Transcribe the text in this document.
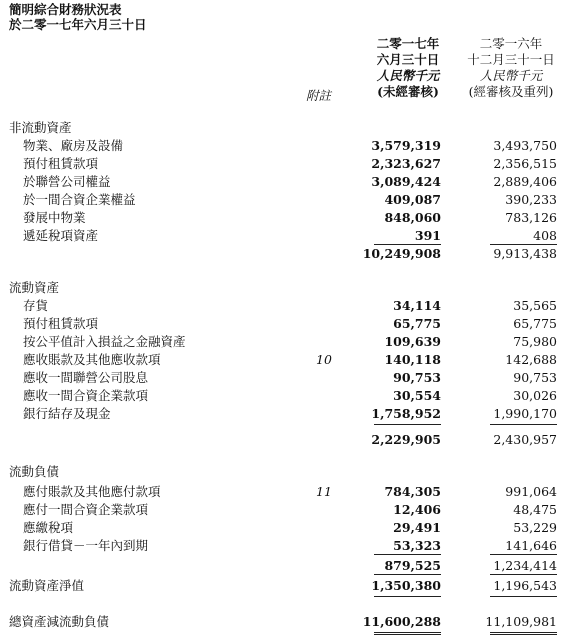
簡明綜合財務狀況表
於二零一七年六月三十日
二零一七年
六月三十日
人民幣千元
(未經審核)
二零一六年
十二月三十一日
人民幣千元
(經審核及重列)
附註
非流動資產
物業、廠房及設備	3,579,319	3,493,750
預付租賃款項	2,323,627	2,356,515
於聯營公司權益	3,089,424	2,889,406
於一間合資企業權益	409,087	390,233
發展中物業	848,060	783,126
遞延稅項資產	391	408
10,249,908	9,913,438
流動資產
存貨	34,114	35,565
預付租賃款項	65,775	65,775
按公平值計入損益之金融資產	109,639	75,980
應收賬款及其他應收款項	10	140,118	142,688
應收一間聯營公司股息	90,753	90,753
應收一間合資企業款項	30,554	30,026
銀行結存及現金	1,758,952	1,990,170
2,229,905	2,430,957
流動負債
應付賬款及其他應付款項	11	784,305	991,064
應付一間合資企業款項	12,406	48,475
應繳稅項	29,491	53,229
銀行借貸－一年內到期	53,323	141,646
879,525	1,234,414
流動資產淨值	1,350,380	1,196,543
總資產減流動負債	11,600,288	11,109,981
